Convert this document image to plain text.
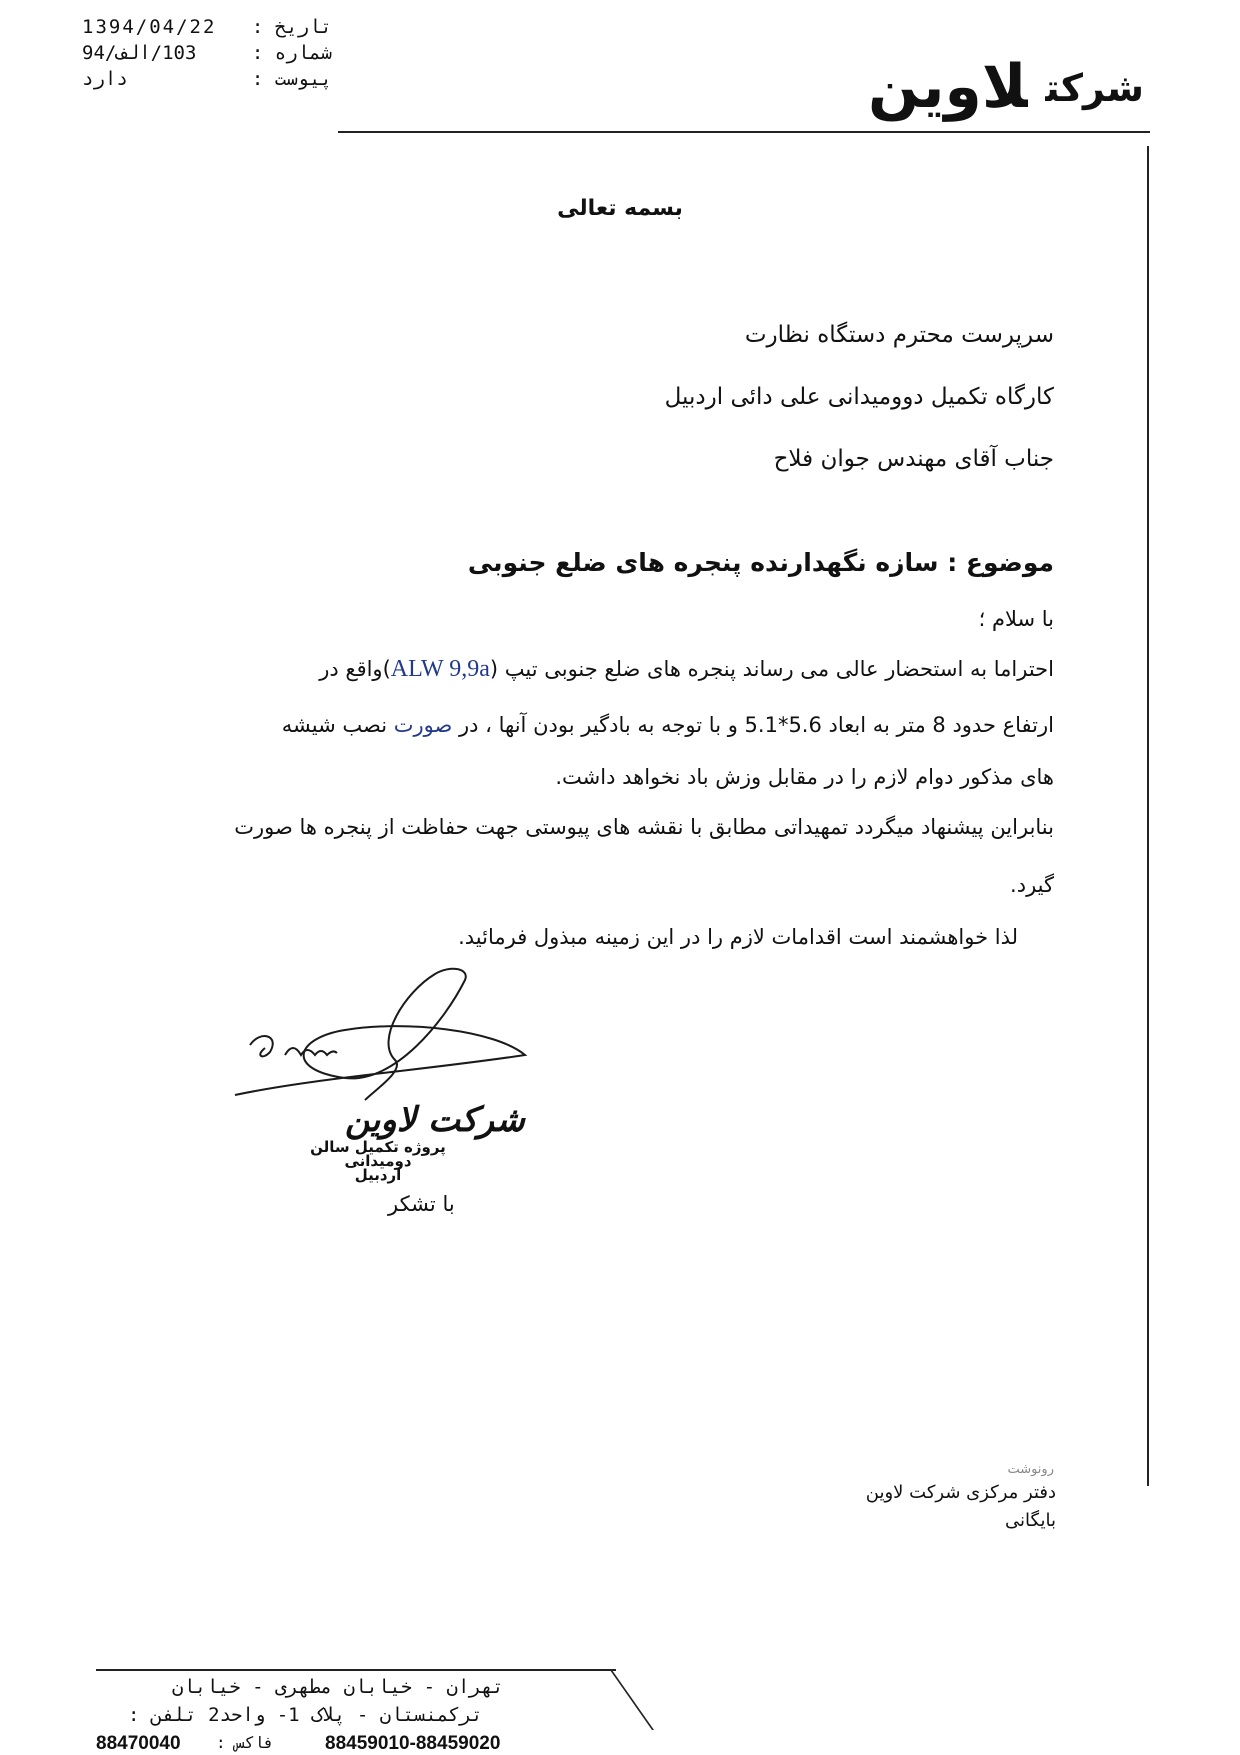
1394/04/22 تاریخ :
103/الف/94	شماره :
دارد	پیوست :	شرکتلاوین
بسمه تعالی
سرپرست محترم دستگاه نظارت
کارگاه تکمیل دوومیدانی علی دائی اردبیل
جناب آقای مهندس جوان فلاح
موضوع : سازه نگهدارنده پنجره های ضلع جنوبی
با سلام ؛
احتراما به استحضار عالی می رساند پنجره های ضلع جنوبی تیپ (ALW 9,9a)واقع در
ارتفاع حدود 8 متر به ابعاد 5.6*5.1 و با توجه به بادگیر بودن آنها ، در صورت نصب شیشه
های مذکور دوام لازم را در مقابل وزش باد نخواهد داشت.
بنابراین پیشنهاد میگردد تمهیداتی مطابق با نقشه های پیوستی جهت حفاظت از پنجره ها صورت
گیرد.
لذا خواهشمند است اقدامات لازم را در این زمینه مبذول فرمائید.
شرکت لاوین
پروژه تکمیل سالن دومیدانی
اردبیل
با تشکر
رونوشت
دفتر مرکزی شرکت لاوین
بایگانی
تهران - خیابان مطهری - خیابان
ترکمنستان - پلاک 1- واحد2 تلفن :
88459010-88459020
فاکس :
88470040
